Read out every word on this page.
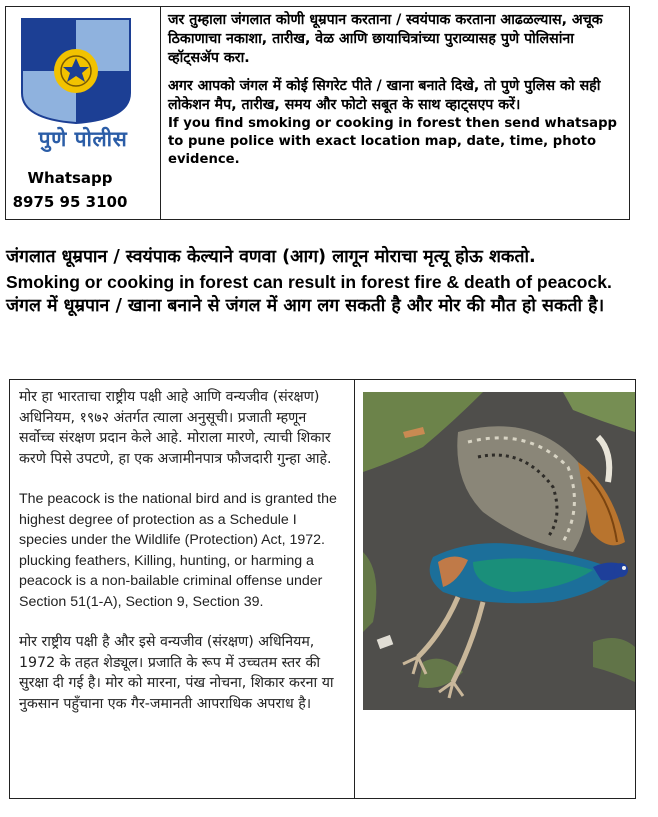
पुणे पोलीस
Whatsapp
8975 95 3100

जर तुम्हाला जंगलात कोणी धूम्रपान करताना / स्वयंपाक करताना आढळल्यास, अचूक ठिकाणाचा नकाशा, तारीख, वेळ आणि छायाचित्रांच्या पुराव्यासह पुणे पोलिसांना व्हॉट्सॲप करा.

अगर आपको जंगल में कोई सिगरेट पीते / खाना बनाते दिखे, तो पुणे पुलिस को सही लोकेशन मैप, तारीख, समय और फोटो सबूत के साथ व्हाट्सएप करें।

If you find smoking or cooking in forest then send whatsapp to pune police with exact location map, date, time, photo evidence.

जंगलात धूम्रपान / स्वयंपाक केल्याने वणवा (आग) लागून मोराचा मृत्यू होऊ शकतो.
Smoking or cooking in forest can result in forest fire & death of peacock.
जंगल में धूम्रपान / खाना बनाने से जंगल में आग लग सकती है और मोर की मौत हो सकती है।

मोर हा भारताचा राष्ट्रीय पक्षी आहे आणि वन्यजीव (संरक्षण) अधिनियम, १९७२ अंतर्गत त्याला अनुसूची। प्रजाती म्हणून सर्वोच्च संरक्षण प्रदान केले आहे. मोराला मारणे, त्याची शिकार करणे पिसे उपटणे, हा एक अजामीनपात्र फौजदारी गुन्हा आहे.

The peacock is the national bird and is granted the highest degree of protection as a Schedule I species under the Wildlife (Protection) Act, 1972. plucking feathers, Killing, hunting, or harming a peacock is a non-bailable criminal offense under Section 51(1-A), Section 9, Section 39.

मोर राष्ट्रीय पक्षी है और इसे वन्यजीव (संरक्षण) अधिनियम, 1972 के तहत शेड्यूल। प्रजाति के रूप में उच्चतम स्तर की सुरक्षा दी गई है। मोर को मारना, पंख नोचना, शिकार करना या नुकसान पहुँचाना एक गैर-जमानती आपराधिक अपराध है।
